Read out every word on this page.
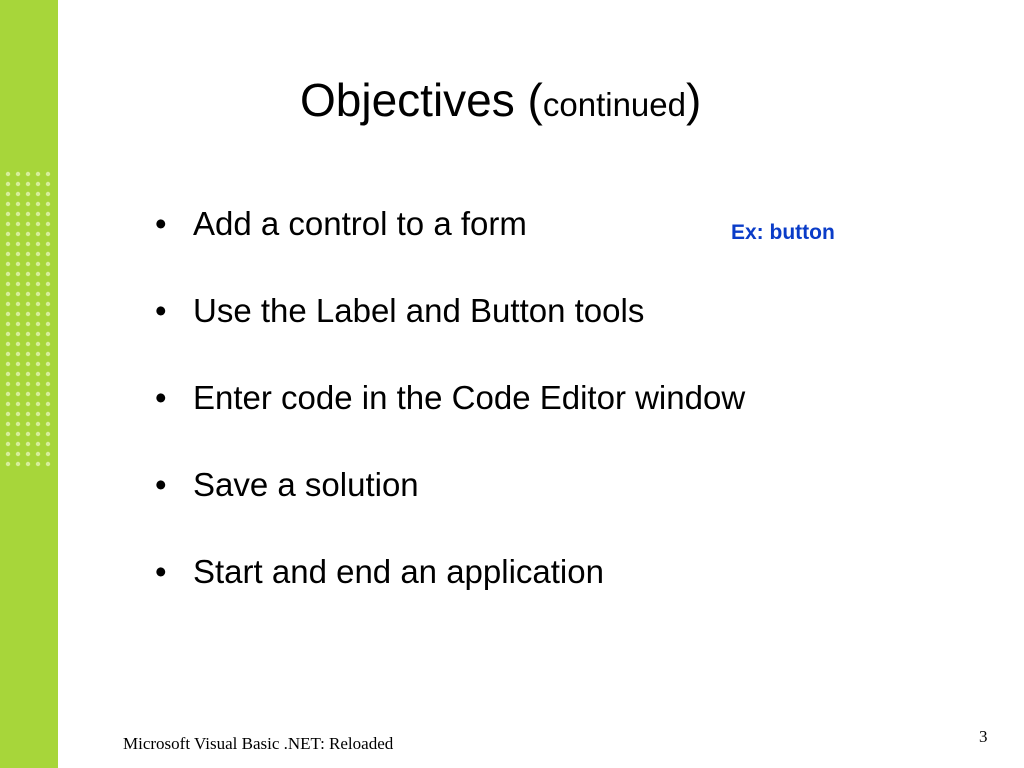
Objectives (continued)
• Add a control to a form
• Use the Label and Button tools
• Enter code in the Code Editor window
• Save a solution
• Start and end an application
Ex: button
Microsoft Visual Basic .NET: Reloaded	3
